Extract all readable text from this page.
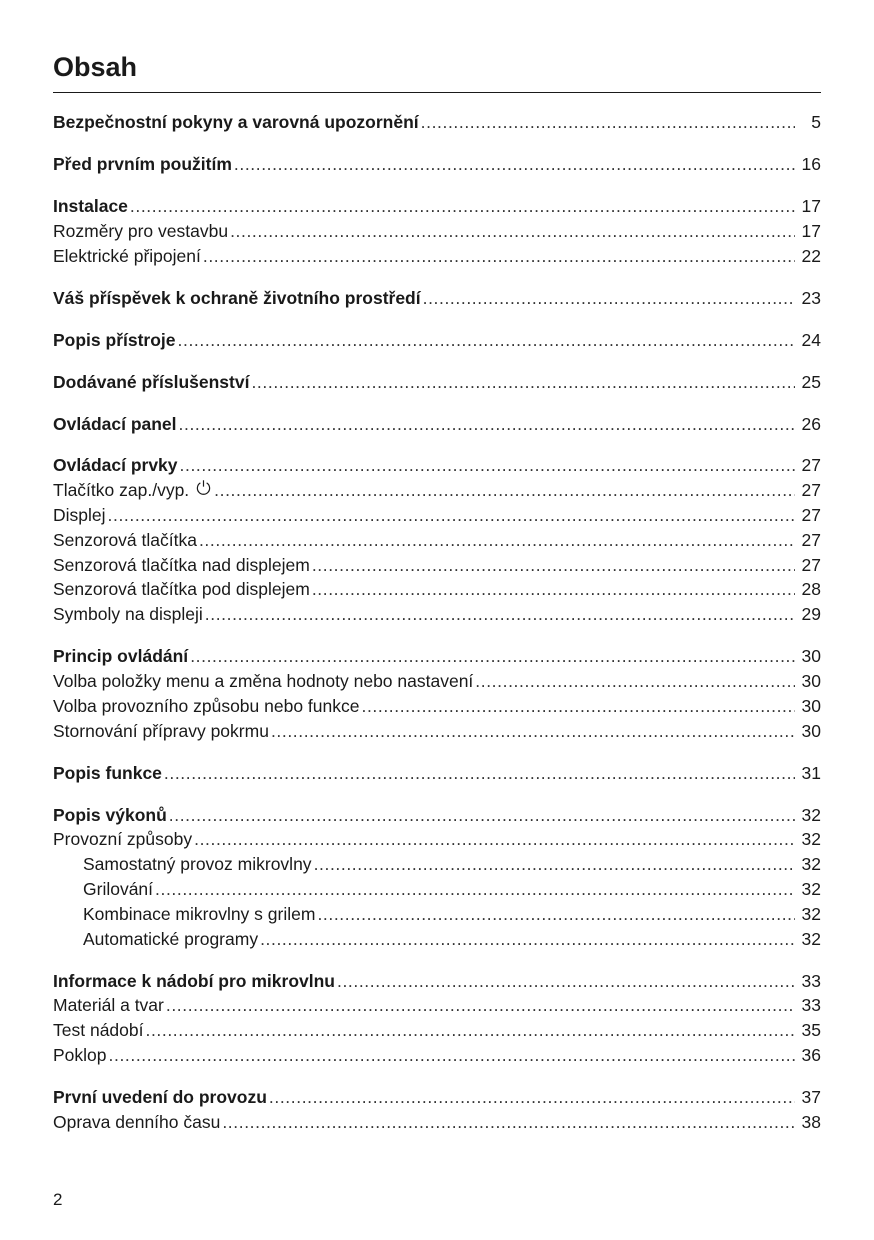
Obsah
Bezpečnostní pokyny a varovná upozornění .....	5
Před prvním použitím .....	16
Instalace .....	17
Rozměry pro vestavbu .....	17
Elektrické připojení .....	22
Váš příspěvek k ochraně životního prostředí .....	23
Popis přístroje .....	24
Dodávané příslušenství .....	25
Ovládací panel .....	26
Ovládací prvky .....	27
Tlačítko zap./vyp. .....	27
Displej .....	27
Senzorová tlačítka .....	27
Senzorová tlačítka nad displejem .....	27
Senzorová tlačítka pod displejem .....	28
Symboly na displeji .....	29
Princip ovládání .....	30
Volba položky menu a změna hodnoty nebo nastavení .....	30
Volba provozního způsobu nebo funkce .....	30
Stornování přípravy pokrmu .....	30
Popis funkce .....	31
Popis výkonů .....	32
Provozní způsoby .....	32
Samostatný provoz mikrovlny .....	32
Grilování .....	32
Kombinace mikrovlny s grilem .....	32
Automatické programy .....	32
Informace k nádobí pro mikrovlnu .....	33
Materiál a tvar .....	33
Test nádobí .....	35
Poklop .....	36
První uvedení do provozu .....	37
Oprava denního času .....	38

2
